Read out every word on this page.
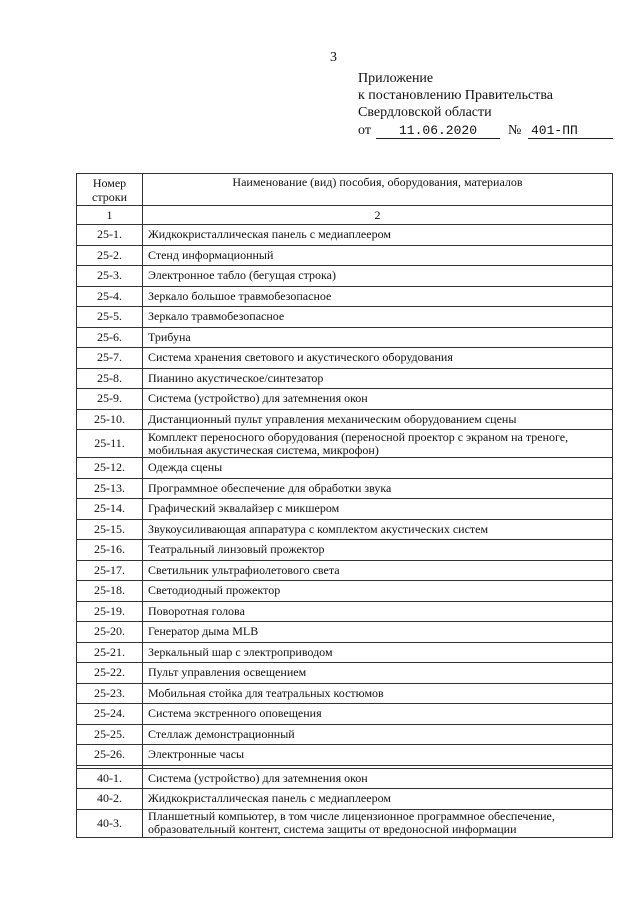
3
Приложение
к постановлению Правительства
Свердловской области
от	11.06.2020	№ 401-ПП
Номер строки	Наименование (вид) пособия, оборудования, материалов
1	2
25-1.	Жидкокристаллическая панель с медиаплеером
25-2.	Стенд информационный
25-3.	Электронное табло (бегущая строка)
25-4.	Зеркало большое травмобезопасное
25-5.	Зеркало травмобезопасное
25-6.	Трибуна
25-7.	Система хранения светового и акустического оборудования
25-8.	Пианино акустическое/синтезатор
25-9.	Система (устройство) для затемнения окон
25-10.	Дистанционный пульт управления механическим оборудованием сцены
25-11.	Комплект переносного оборудования (переносной проектор с экраном на треноге, мобильная акустическая система, микрофон)
25-12.	Одежда сцены
25-13.	Программное обеспечение для обработки звука
25-14.	Графический эквалайзер с микшером
25-15.	Звукоусиливающая аппаратура с комплектом акустических систем
25-16.	Театральный линзовый прожектор
25-17.	Светильник ультрафиолетового света
25-18.	Светодиодный прожектор
25-19.	Поворотная голова
25-20.	Генератор дыма MLB
25-21.	Зеркальный шар с электроприводом
25-22.	Пульт управления освещением
25-23.	Мобильная стойка для театральных костюмов
25-24.	Система экстренного оповещения
25-25.	Стеллаж демонстрационный
25-26.	Электронные часы

40-1.	Система (устройство) для затемнения окон
40-2.	Жидкокристаллическая панель с медиаплеером
40-3.	Планшетный компьютер, в том числе лицензионное программное обеспечение, образовательный контент, система защиты от вредоносной информации
